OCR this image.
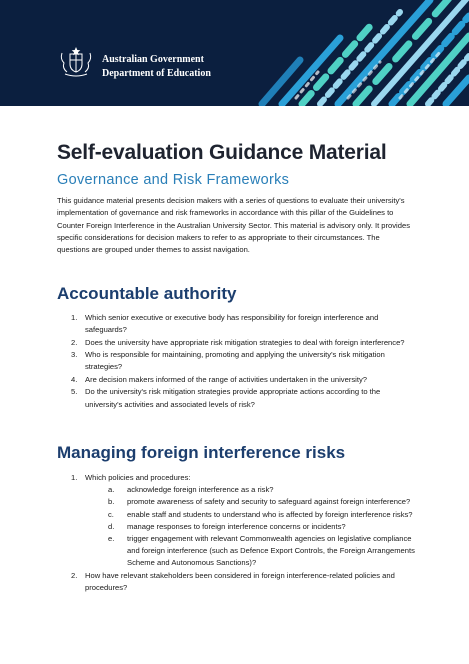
Australian Government
Department of Education
Self-evaluation Guidance Material
Governance and Risk Frameworks

This guidance material presents decision makers with a series of questions to evaluate their university's implementation of governance and risk frameworks in accordance with this pillar of the Guidelines to Counter Foreign Interference in the Australian University Sector. This material is advisory only. It provides specific considerations for decision makers to refer to as appropriate to their circumstances. The questions are grouped under themes to assist navigation.

Accountable authority
1. Which senior executive or executive body has responsibility for foreign interference and safeguards?
2. Does the university have appropriate risk mitigation strategies to deal with foreign interference?
3. Who is responsible for maintaining, promoting and applying the university's risk mitigation strategies?
4. Are decision makers informed of the range of activities undertaken in the university?
5. Do the university's risk mitigation strategies provide appropriate actions according to the university's activities and associated levels of risk?
Managing foreign interference risks
1. Which policies and procedures:
a. acknowledge foreign interference as a risk?
b. promote awareness of safety and security to safeguard against foreign interference?
c. enable staff and students to understand who is affected by foreign interference risks?
d. manage responses to foreign interference concerns or incidents?
e. trigger engagement with relevant Commonwealth agencies on legislative compliance and foreign interference (such as Defence Export Controls, the Foreign Arrangements Scheme and Autonomous Sanctions)?
2. How have relevant stakeholders been considered in foreign interference-related policies and procedures?
